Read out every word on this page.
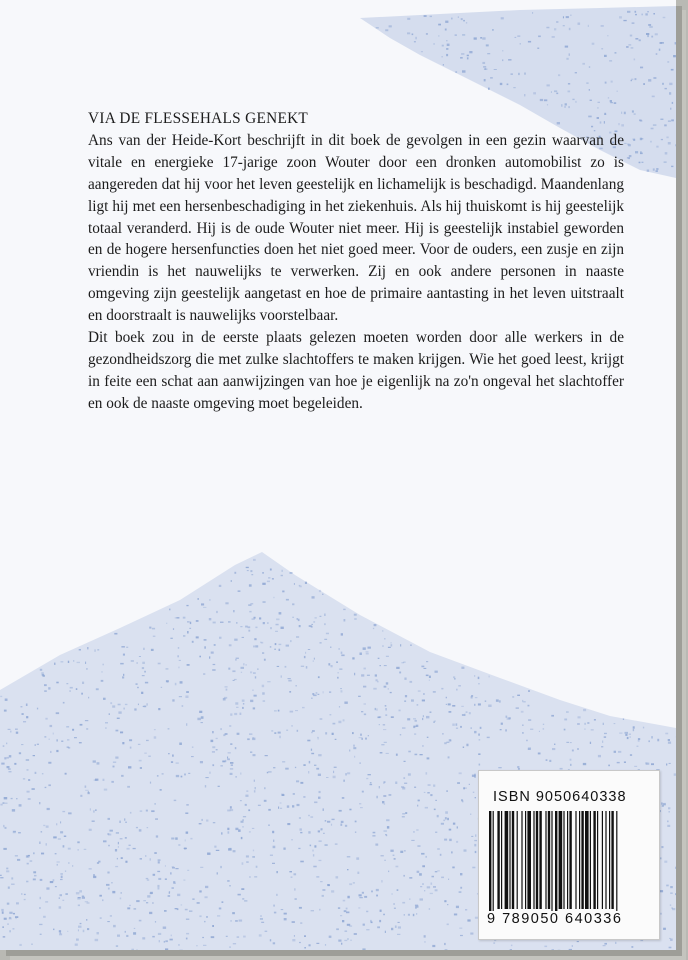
VIA DE FLESSEHALS GENEKT

Ans van der Heide-Kort beschrijft in dit boek de gevolgen in een gezin waarvan de vitale en energieke 17-jarige zoon Wouter door een dronken automobilist zo is aangereden dat hij voor het leven geestelijk en lichamelijk is beschadigd. Maandenlang ligt hij met een hersenbeschadiging in het ziekenhuis. Als hij thuiskomt is hij geestelijk totaal veranderd. Hij is de oude Wouter niet meer. Hij is geestelijk instabiel geworden en de hogere hersenfuncties doen het niet goed meer. Voor de ouders, een zusje en zijn vriendin is het nauwelijks te verwerken. Zij en ook andere personen in naaste omgeving zijn geestelijk aangetast en hoe de primaire aantasting in het leven uitstraalt en doorstraalt is nauwelijks voorstelbaar.

Dit boek zou in de eerste plaats gelezen moeten worden door alle werkers in de gezondheidszorg die met zulke slachtoffers te maken krijgen. Wie het goed leest, krijgt in feite een schat aan aanwijzingen van hoe je eigenlijk na zo'n ongeval het slachtoffer en ook de naaste omgeving moet begeleiden.

ISBN 9050640338
9 789050 640336
